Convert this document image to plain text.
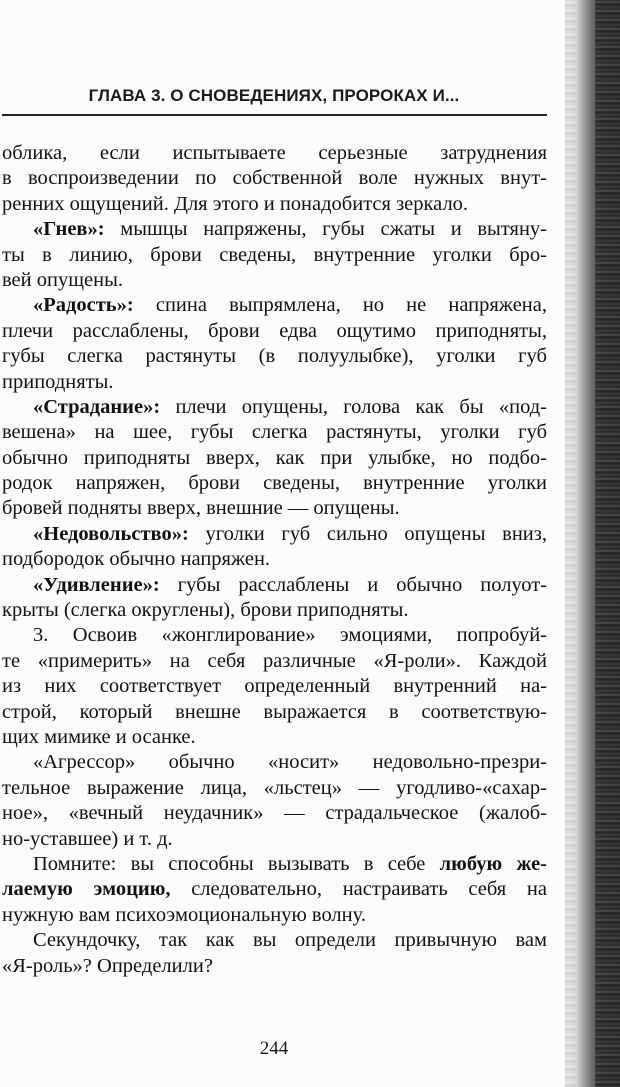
ГЛАВА 3. О СНОВЕДЕНИЯХ, ПРОРОКАХ И...
облика, если испытываете серьезные затруднения
в воспроизведении по собственной воле нужных внут-
ренних ощущений. Для этого и понадобится зеркало.
«Гнев»: мышцы напряжены, губы сжаты и вытяну-
ты в линию, брови сведены, внутренние уголки бро-
вей опущены.
«Радость»: спина выпрямлена, но не напряжена,
плечи расслаблены, брови едва ощутимо приподняты,
губы слегка растянуты (в полуулыбке), уголки губ
приподняты.
«Страдание»: плечи опущены, голова как бы «под-
вешена» на шее, губы слегка растянуты, уголки губ
обычно приподняты вверх, как при улыбке, но подбо-
родок напряжен, брови сведены, внутренние уголки
бровей подняты вверх, внешние — опущены.
«Недовольство»: уголки губ сильно опущены вниз,
подбородок обычно напряжен.
«Удивление»: губы расслаблены и обычно полуот-
крыты (слегка округлены), брови приподняты.
3. Освоив «жонглирование» эмоциями, попробуй-
те «примерить» на себя различные «Я-роли». Каждой
из них соответствует определенный внутренний на-
строй, который внешне выражается в соответствую-
щих мимике и осанке.
«Агрессор» обычно «носит» недовольно-презри-
тельное выражение лица, «льстец» — угодливо-«сахар-
ное», «вечный неудачник» — страдальческое (жалоб-
но-уставшее) и т. д.
Помните: вы способны вызывать в себе любую же-
лаемую эмоцию, следовательно, настраивать себя на
нужную вам психоэмоциональную волну.
Секундочку, так как вы определи привычную вам
«Я-роль»? Определили?
244
